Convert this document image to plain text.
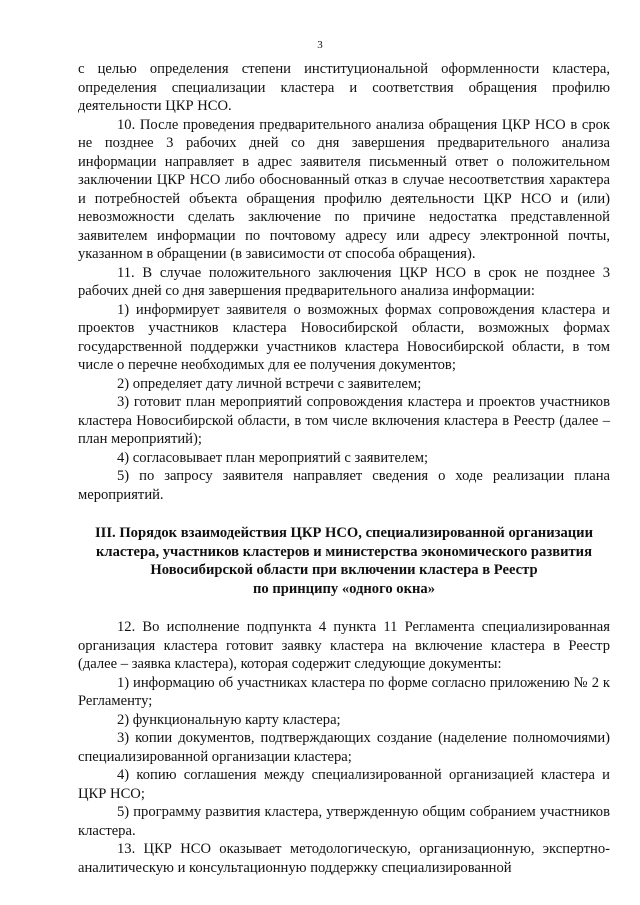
3

с целью определения степени институциональной оформленности кластера, определения специализации кластера и соответствия обращения профилю деятельности ЦКР НСО.

10. После проведения предварительного анализа обращения ЦКР НСО в срок не позднее 3 рабочих дней со дня завершения предварительного анализа информации направляет в адрес заявителя письменный ответ о положительном заключении ЦКР НСО либо обоснованный отказ в случае несоответствия характера и потребностей объекта обращения профилю деятельности ЦКР НСО и (или) невозможности сделать заключение по причине недостатка представленной заявителем информации по почтовому адресу или адресу электронной почты, указанном в обращении (в зависимости от способа обращения).

11. В случае положительного заключения ЦКР НСО в срок не позднее 3 рабочих дней со дня завершения предварительного анализа информации:

1) информирует заявителя о возможных формах сопровождения кластера и проектов участников кластера Новосибирской области, возможных формах государственной поддержки участников кластера Новосибирской области, в том числе о перечне необходимых для ее получения документов;

2) определяет дату личной встречи с заявителем;

3) готовит план мероприятий сопровождения кластера и проектов участников кластера Новосибирской области, в том числе включения кластера в Реестр (далее – план мероприятий);

4) согласовывает план мероприятий с заявителем;

5) по запросу заявителя направляет сведения о ходе реализации плана мероприятий.

III. Порядок взаимодействия ЦКР НСО, специализированной организации
кластера, участников кластеров и министерства экономического развития
Новосибирской области при включении кластера в Реестр
по принципу «одного окна»

12. Во исполнение подпункта 4 пункта 11 Регламента специализированная организация кластера готовит заявку кластера на включение кластера в Реестр (далее – заявка кластера), которая содержит следующие документы:

1) информацию об участниках кластера по форме согласно приложению № 2 к Регламенту;

2) функциональную карту кластера;

3) копии документов, подтверждающих создание (наделение полномочиями) специализированной организации кластера;

4) копию соглашения между специализированной организацией кластера и ЦКР НСО;

5) программу развития кластера, утвержденную общим собранием участников кластера.

13. ЦКР НСО оказывает методологическую, организационную, экспертно-аналитическую и консультационную поддержку специализированной
